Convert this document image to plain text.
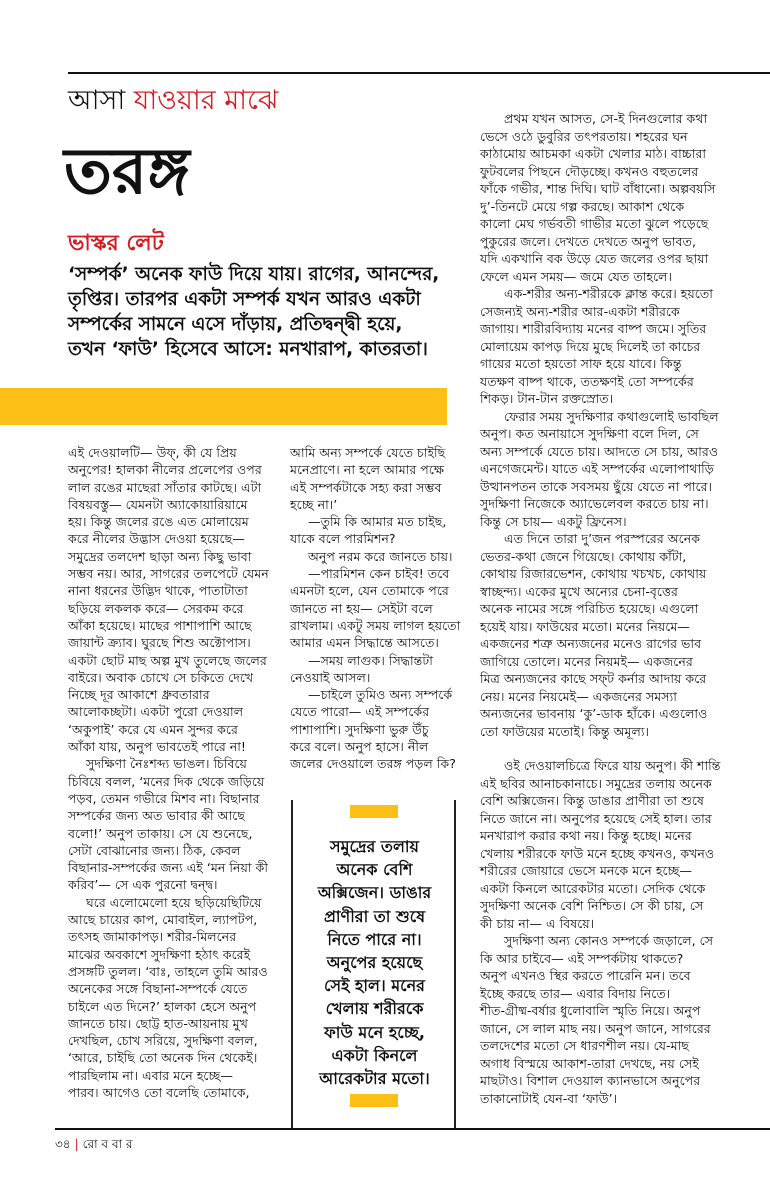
আসা যাওয়ার মাঝে
তরঙ্গ
ভাস্কর লেট
‘সম্পর্ক’ অনেক ফাউ দিয়ে যায়। রাগের, আনন্দের,
তৃপ্তির। তারপর একটা সম্পর্ক যখন আরও একটা
সম্পর্কের সামনে এসে দাঁড়ায়, প্রতিদ্বন্দ্বী হয়ে,
তখন ‘ফাউ’ হিসেবে আসে: মনখারাপ, কাতরতা।
এই দেওয়ালটি— উফ্, কী যে প্রিয়
অনুপের! হালকা নীলের প্রলেপের ওপর
লাল রঙের মাছেরা সাঁতার কাটছে। এটা
বিষয়বস্তু— যেমনটা অ্যাকোয়ারিয়ামে
হয়। কিন্তু জলের রঙে এত মোলায়েম
করে নীলের উদ্ভাস দেওয়া হয়েছে—
সমুদ্রের তলদেশ ছাড়া অন্য কিছু ভাবা
সম্ভব নয়। আর, সাগরের তলপেটে যেমন
নানা ধরনের উদ্ভিদ থাকে, পাতাটাতা
ছড়িয়ে লকলক করে— সেরকম করে
আঁকা হয়েছে। মাছের পাশাপাশি আছে
জায়ান্ট ক্র্যাব। ঘুরছে শিশু অক্টোপাস।
একটা ছোট মাছ অল্প মুখ তুলেছে জলের
বাইরে। অবাক চোখে সে চকিতে দেখে
নিচ্ছে দূর আকাশে ধ্রুবতারার
আলোকচ্ছটা। একটা পুরো দেওয়াল
‘অকুপাই’ করে যে এমন সুন্দর করে
আঁকা যায়, অনুপ ভাবতেই পারে না!
সুদক্ষিণা নৈঃশব্দ্য ভাঙল। চিবিয়ে
চিবিয়ে বলল, ‘মনের দিক থেকে জড়িয়ে
পড়ব, তেমন গভীরে মিশব না। বিছানার
সম্পর্কের জন্য অত ভাবার কী আছে
বলো!’ অনুপ তাকায়। সে যে শুনেছে,
সেটা বোঝানোর জন্য। ঠিক, কেবল
বিছানার-সম্পর্কের জন্য এই ‘মন নিয়া কী
করিব’— সে এক পুরনো দ্বন্দ্ব।
ঘরে এলোমেলো হয়ে ছড়িয়েছিটিয়ে
আছে চায়ের কাপ, মোবাইল, ল্যাপটপ,
তৎসহ জামাকাপড়। শরীর-মিলনের
মাঝের অবকাশে সুদক্ষিণা হঠাৎ করেই
প্রসঙ্গটি তুলল। ‘বাঃ, তাহলে তুমি আরও
অনেকের সঙ্গে বিছানা-সম্পর্কে যেতে
চাইলে এত দিনে?’ হালকা হেসে অনুপ
জানতে চায়। ছোট্ট হাত-আয়নায় মুখ
দেখছিল, চোখ সরিয়ে, সুদক্ষিণা বলল,
‘আরে, চাইছি তো অনেক দিন থেকেই।
পারছিলাম না। এবার মনে হচ্ছে—
পারব। আগেও তো বলেছি তোমাকে,
আমি অন্য সম্পর্কে যেতে চাইছি
মনেপ্রাণে। না হলে আমার পক্ষে
এই সম্পর্কটাকে সহ্য করা সম্ভব
হচ্ছে না।’
—তুমি কি আমার মত চাইছ,
যাকে বলে পারমিশন?
অনুপ নরম করে জানতে চায়।
—পারমিশন কেন চাইব! তবে
এমনটা হলে, যেন তোমাকে পরে
জানতে না হয়— সেইটা বলে
রাখলাম। একটু সময় লাগল হয়তো
আমার এমন সিদ্ধান্তে আসতে।
—সময় লাগুক। সিদ্ধান্তটা
নেওয়াই আসল।
—চাইলে তুমিও অন্য সম্পর্কে
যেতে পারো— এই সম্পর্কের
পাশাপাশি। সুদক্ষিণা ভুরু উঁচু
করে বলে। অনুপ হাসে। নীল
জলের দেওয়ালে তরঙ্গ পড়ল কি?
প্রথম যখন আসত, সে-ই দিনগুলোর কথা
ভেসে ওঠে ডুবুরির তৎপরতায়। শহরের ঘন
কাঠামোয় আচমকা একটা খেলার মাঠ। বাচ্চারা
ফুটবলের পিছনে দৌড়চ্ছে। কখনও বহুতলের
ফাঁকে গভীর, শান্ত দিঘি। ঘাট বাঁধানো। অল্পবয়সি
দু’-তিনটে মেয়ে গল্প করছে। আকাশ থেকে
কালো মেঘ গর্ভবতী গাভীর মতো ঝুলে পড়েছে
পুকুরের জলে। দেখতে দেখতে অনুপ ভাবত,
যদি একখানি বক উড়ে যেত জলের ওপর ছায়া
ফেলে এমন সময়— জমে যেত তাহলে।
এক-শরীর অন্য-শরীরকে ক্লান্ত করে। হয়তো
সেজন্যই অন্য-শরীর আর-একটা শরীরকে
জাগায়। শারীরবিদ্যায় মনের বাষ্প জমে। সুতির
মোলায়েম কাপড় দিয়ে মুছে দিলেই তা কাচের
গায়ের মতো হয়তো সাফ হয়ে যাবে। কিন্তু
যতক্ষণ বাষ্প থাকে, ততক্ষণই তো সম্পর্কের
শিকড়। টান-টান রক্তস্রোত।
ফেরার সময় সুদক্ষিণার কথাগুলোই ভাবছিল
অনুপ। কত অনায়াসে সুদক্ষিণা বলে দিল, সে
অন্য সম্পর্কে যেতে চায়। আদতে সে চায়, আরও
এনগেজমেন্ট। যাতে এই সম্পর্কের এলোপাথাড়ি
উত্থানপতন তাকে সবসময় ছুঁয়ে যেতে না পারে।
সুদক্ষিণা নিজেকে অ্যাভেলেবল করতে চায় না।
কিন্তু সে চায়— একটু ফ্রিনেস।
এত দিনে তারা দু’জন পরস্পরের অনেক
ভেতর-কথা জেনে গিয়েছে। কোথায় কাঁটা,
কোথায় রিজারভেশন, কোথায় খচখচ, কোথায়
স্বাচ্ছন্দ্য। একের মুখে অন্যের চেনা-বৃত্তের
অনেক নামের সঙ্গে পরিচিত হয়েছে। এগুলো
হয়েই যায়। ফাউয়ের মতো। মনের নিয়মে—
একজনের শত্রু অন্যজনের মনেও রাগের ভাব
জাগিয়ে তোলে। মনের নিয়মই— একজনের
মিত্র অন্যজনের কাছে সফ্‌ট কর্নার আদায় করে
নেয়। মনের নিয়মেই— একজনের সমস্যা
অন্যজনের ভাবনায় ‘কু’-ডাক হাঁকে। এগুলোও
তো ফাউয়ের মতোই। কিন্তু অমূল্য।
ওই দেওয়ালচিত্রে ফিরে যায় অনুপ। কী শান্তি
এই ছবির আনাচকানাচে। সমুদ্রের তলায় অনেক
বেশি অক্সিজেন। কিন্তু ডাঙার প্রাণীরা তা শুষে
নিতে জানে না। অনুপের হয়েছে সেই হাল। তার
মনখারাপ করার কথা নয়। কিন্তু হচ্ছে। মনের
খেলায় শরীরকে ফাউ মনে হচ্ছে কখনও, কখনও
শরীরের জোয়ারে ভেসে মনকে মনে হচ্ছে—
একটা কিনলে আরেকটার মতো। সেদিক থেকে
সুদক্ষিণা অনেক বেশি নিশ্চিত। সে কী চায়, সে
কী চায় না— এ বিষয়ে।
সুদক্ষিণা অন্য কোনও সম্পর্কে জড়ালে, সে
কি আর চাইবে— এই সম্পর্কটায় থাকতে?
অনুপ এখনও স্থির করতে পারেনি মন। তবে
ইচ্ছে করছে তার— এবার বিদায় নিতে।
শীত-গ্রীষ্ম-বর্ষার ধুলোবালি স্মৃতি নিয়ে। অনুপ
জানে, সে লাল মাছ নয়। অনুপ জানে, সাগরের
তলদেশের মতো সে ধারণশীল নয়। যে-মাছ
অগাধ বিস্ময়ে আকাশ-তারা দেখছে, নয় সেই
মাছটাও। বিশাল দেওয়াল ক্যানভাসে অনুপের
তাকানোটাই যেন-বা ‘ফাউ’।
সমুদ্রের তলায়
অনেক বেশি
অক্সিজেন। ডাঙার
প্রাণীরা তা শুষে
নিতে পারে না।
অনুপের হয়েছে
সেই হাল। মনের
খেলায় শরীরকে
ফাউ মনে হচ্ছে,
একটা কিনলে
আরেকটার মতো।
৩৪ | রো ব বা র
